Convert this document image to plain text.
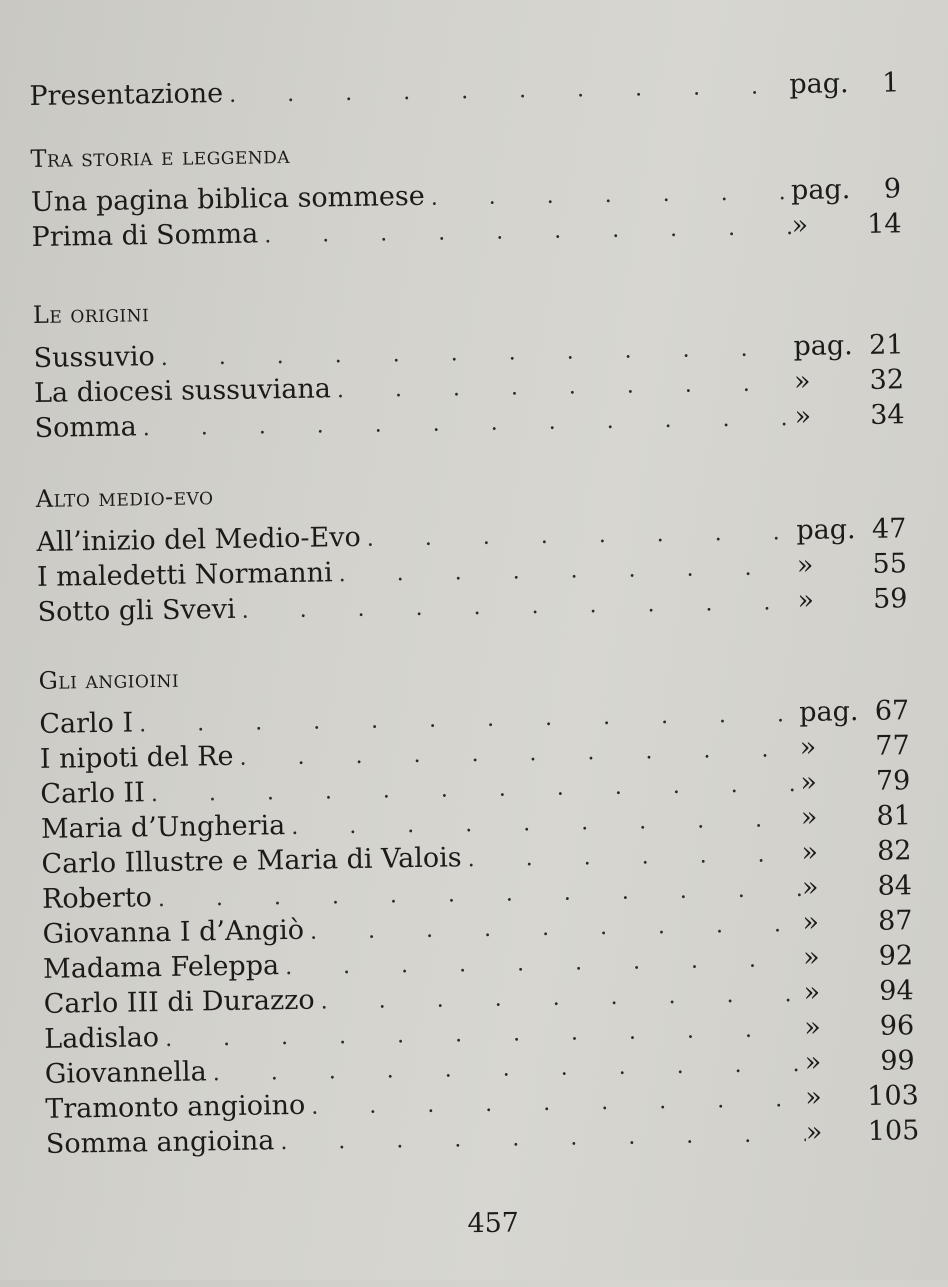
Presentazione . . .	pag.	1
Tra storia e leggenda
Una pagina biblica sommese . . .	pag.	9
Prima di Somma . . .	»	14
Le origini
Sussuvio . . .	pag. 21
La diocesi sussuviana . . .	»	32
Somma . . .	»	34
Alto medio-evo
All’inizio del Medio-Evo . . .	pag. 47
I maledetti Normanni . . .	»	55
Sotto gli Svevi . . .	»	59
Gli angioini
Carlo I . . .	pag. 67
I nipoti del Re . . .	»	77
Carlo II . . .	»	79
Maria d’Ungheria . . .	»	81
Carlo Illustre e Maria di Valois . . .	»	82
Roberto . . .	»	84
Giovanna I d’Angiò . . .	»	87
Madama Feleppa . . .	»	92
Carlo III di Durazzo . . .	»	94
Ladislao . . .	»	96
Giovannella . . .	»	99
Tramonto angioino . . .	»	103
Somma angioina . . .	»	105
457
